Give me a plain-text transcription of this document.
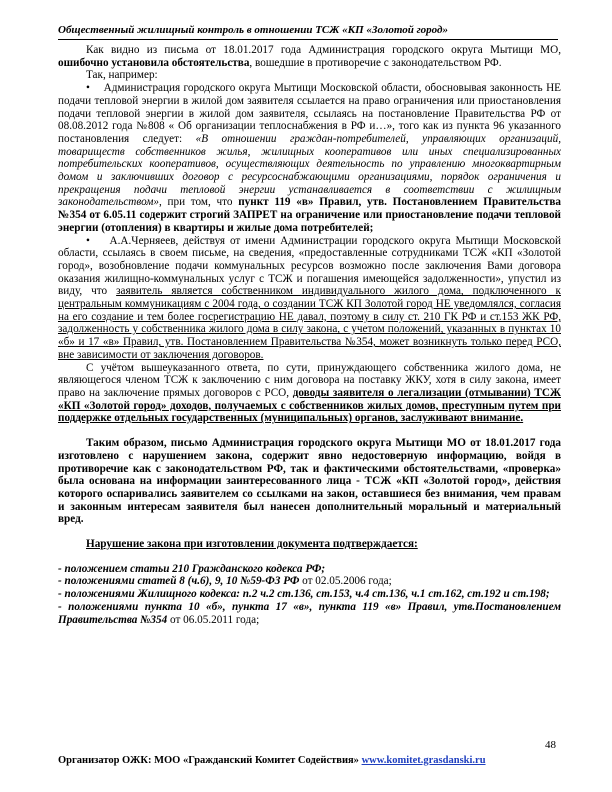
Общественный жилищный контроль в отношении ТСЖ «КП «Золотой город»

Как видно из письма от 18.01.2017 года Администрация городского округа Мытищи МО, ошибочно установила обстоятельства, вошедшие в противоречие с законодательством РФ.

Так, например:

• Администрация городского округа Мытищи Московской области, обосновывая законность НЕ подачи тепловой энергии в жилой дом заявителя ссылается на право ограничения или приостановления подачи тепловой энергии в жилой дом заявителя, ссылаясь на постановление Правительства РФ от 08.08.2012 года №808 « Об организации теплоснабжения в РФ и…», того как из пункта 96 указанного постановления следует: «В отношении граждан-потребителей, управляющих организаций, товариществ собственников жилья, жилищных кооперативов или иных специализированных потребительских кооперативов, осуществляющих деятельность по управлению многоквартирным домом и заключивших договор с ресурсоснабжающими организациями, порядок ограничения и прекращения подачи тепловой энергии устанавливается в соответствии с жилищным законодательством», при том, что пункт 119 «в» Правил, утв. Постановлением Правительства №354 от 6.05.11 содержит строгий ЗАПРЕТ на ограничение или приостановление подачи тепловой энергии (отопления) в квартиры и жилые дома потребителей;

• А.А.Черняеев, действуя от имени Администрации городского округа Мытищи Московской области, ссылаясь в своем письме, на сведения, «предоставленные сотрудниками ТСЖ «КП «Золотой город», возобновление подачи коммунальных ресурсов возможно после заключения Вами договора оказания жилищно-коммунальных услуг с ТСЖ и погашения имеющейся задолженности», упустил из виду, что заявитель является собственником индивидуального жилого дома, подключенного к центральным коммуникациям с 2004 года, о создании ТСЖ КП Золотой город НЕ уведомлялся, согласия на его создание и тем более госрегистрацию НЕ давал, поэтому в силу ст. 210 ГК РФ и ст.153 ЖК РФ, задолженность у собственника жилого дома в силу закона, с учетом положений, указанных в пунктах 10 «б» и 17 «в» Правил, утв. Постановлением Правительства №354, может возникнуть только перед РСО, вне зависимости от заключения договоров.

С учётом вышеуказанного ответа, по сути, принуждающего собственника жилого дома, не являющегося членом ТСЖ к заключению с ним договора на поставку ЖКУ, хотя в силу закона, имеет право на заключение прямых договоров с РСО, доводы заявителя о легализации (отмывании) ТСЖ «КП «Золотой город» доходов, получаемых с собственников жилых домов, преступным путем при поддержке отдельных государственных (муниципальных) органов, заслуживают внимание.

Таким образом, письмо Администрация городского округа Мытищи МО от 18.01.2017 года изготовлено с нарушением закона, содержит явно недостоверную информацию, войдя в противоречие как с законодательством РФ, так и фактическими обстоятельствами, «проверка» была основана на информации заинтересованного лица - ТСЖ «КП «Золотой город», действия которого оспаривались заявителем со ссылками на закон, оставшиеся без внимания, чем правам и законным интересам заявителя был нанесен дополнительный моральный и материальный вред.

Нарушение закона при изготовлении документа подтверждается:

- положением статьи 210 Гражданского кодекса РФ;

- положениями статей 8 (ч.6), 9, 10 №59-ФЗ РФ от 02.05.2006 года;

- положениями Жилищного кодекса: п.2 ч.2 ст.136, ст.153, ч.4 ст.136, ч.1 ст.162, ст.192 и ст.198;

- положениями пункта 10 «б», пункта 17 «в», пункта 119 «в» Правил, утв.Постановлением Правительства №354 от 06.05.2011 года;

48
Организатор ОЖК: МОО «Гражданский Комитет Содействия» www.komitet.grasdanski.ru
